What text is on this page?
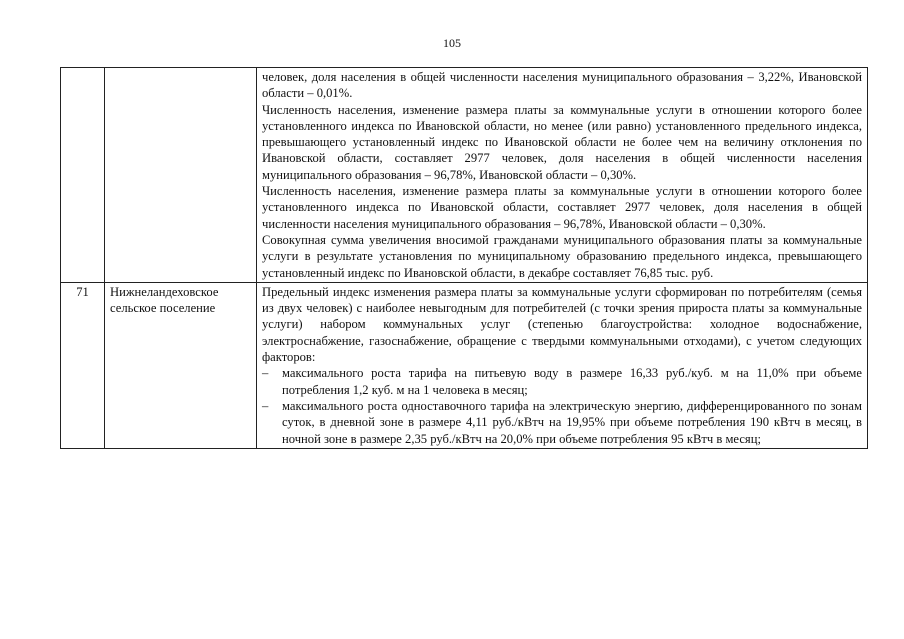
105

		человек, доля населения в общей численности населения муниципального образования – 3,22%, Ивановской области – 0,01%.

Численность населения, изменение размера платы за коммунальные услуги в отношении которого более установленного индекса по Ивановской области, но менее (или равно) установленного предельного индекса, превышающего установленный индекс по Ивановской области не более чем на величину отклонения по Ивановской области, составляет 2977 человек, доля населения в общей численности населения муниципального образования – 96,78%, Ивановской области – 0,30%.

Численность населения, изменение размера платы за коммунальные услуги в отношении которого более установленного индекса по Ивановской области, составляет 2977 человек, доля населения в общей численности населения муниципального образования – 96,78%, Ивановской области – 0,30%.

Совокупная сумма увеличения вносимой гражданами муниципального образования платы за коммунальные услуги в результате установления по муниципальному образованию предельного индекса, превышающего установленный индекс по Ивановской области, в декабре составляет 76,85 тыс. руб.

71	Нижнеландеховское сельское поселение	Предельный индекс изменения размера платы за коммунальные услуги сформирован по потребителям (семья из двух человек) с наиболее невыгодным для потребителей (с точки зрения прироста платы за коммунальные услуги) набором коммунальных услуг (степенью благоустройства: холодное водоснабжение, электроснабжение, газоснабжение, обращение с твердыми коммунальными отходами), с учетом следующих факторов:

– максимального роста тарифа на питьевую воду в размере 16,33 руб./куб. м на 11,0% при объеме потребления 1,2 куб. м на 1 человека в месяц;
– максимального роста одноставочного тарифа на электрическую энергию, дифференцированного по зонам суток, в дневной зоне в размере 4,11 руб./кВтч на 19,95% при объеме потребления 190 кВтч в месяц, в ночной зоне в размере 2,35 руб./кВтч на 20,0% при объеме потребления 95 кВтч в месяц;
